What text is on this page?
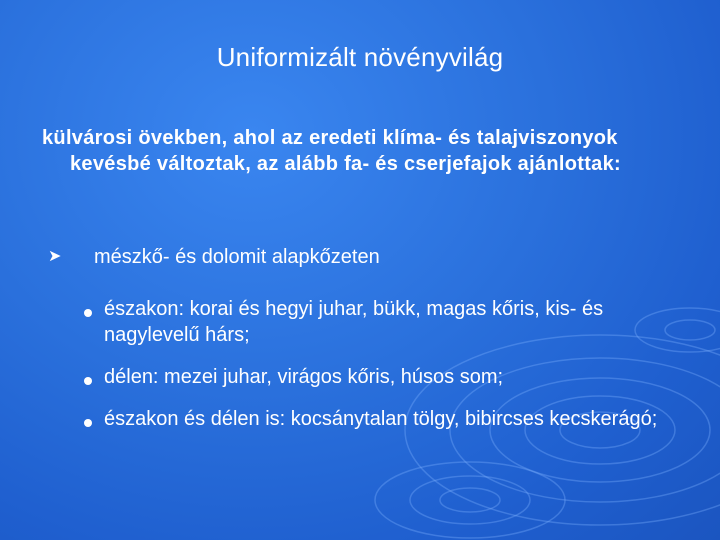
Uniformizált növényvilág

külvárosi övekben, ahol az eredeti klíma- és talajviszonyok kevésbé változtak, az alább fa- és cserjefajok ajánlottak:

➤	mészkő- és dolomit alapkőzeten
északon: korai és hegyi juhar, bükk, magas kőris, kis- és nagylevelű hárs;
délen: mezei juhar, virágos kőris, húsos som;
északon és délen is: kocsánytalan tölgy, bibircses kecskerágó;
